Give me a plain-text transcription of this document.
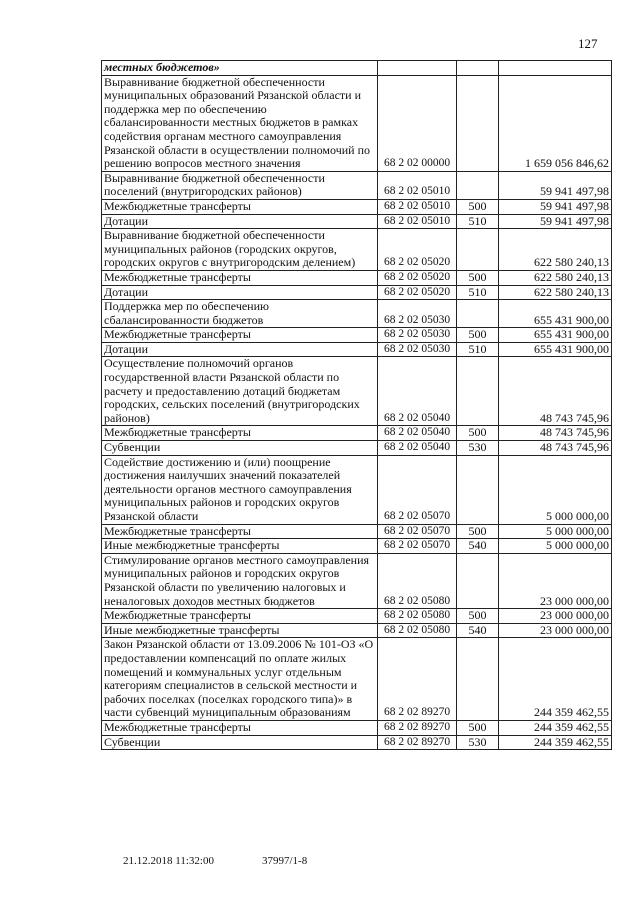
127
местных бюджетов»			
Выравнивание бюджетной обеспеченности муниципальных образований Рязанской области и поддержка мер по обеспечению сбалансированности местных бюджетов в рамках содействия органам местного самоуправления Рязанской области в осуществлении полномочий по решению вопросов местного значения	68 2 02 00000		1 659 056 846,62
Выравнивание бюджетной обеспеченности поселений (внутригородских районов)	68 2 02 05010		59 941 497,98
Межбюджетные трансферты	68 2 02 05010	500	59 941 497,98
Дотации	68 2 02 05010	510	59 941 497,98
Выравнивание бюджетной обеспеченности муниципальных районов (городских округов, городских округов с внутригородским делением)	68 2 02 05020		622 580 240,13
Межбюджетные трансферты	68 2 02 05020	500	622 580 240,13
Дотации	68 2 02 05020	510	622 580 240,13
Поддержка мер по обеспечению сбалансированности бюджетов	68 2 02 05030		655 431 900,00
Межбюджетные трансферты	68 2 02 05030	500	655 431 900,00
Дотации	68 2 02 05030	510	655 431 900,00
Осуществление полномочий органов государственной власти Рязанской области по расчету и предоставлению дотаций бюджетам городских, сельских поселений (внутригородских районов)	68 2 02 05040		48 743 745,96
Межбюджетные трансферты	68 2 02 05040	500	48 743 745,96
Субвенции	68 2 02 05040	530	48 743 745,96
Содействие достижению и (или) поощрение достижения наилучших значений показателей деятельности органов местного самоуправления муниципальных районов и городских округов Рязанской области	68 2 02 05070		5 000 000,00
Межбюджетные трансферты	68 2 02 05070	500	5 000 000,00
Иные межбюджетные трансферты	68 2 02 05070	540	5 000 000,00
Стимулирование органов местного самоуправления муниципальных районов и городских округов Рязанской области по увеличению налоговых и неналоговых доходов местных бюджетов	68 2 02 05080		23 000 000,00
Межбюджетные трансферты	68 2 02 05080	500	23 000 000,00
Иные межбюджетные трансферты	68 2 02 05080	540	23 000 000,00
Закон Рязанской области от 13.09.2006 № 101-ОЗ «О предоставлении компенсаций по оплате жилых помещений и коммунальных услуг отдельным категориям специалистов в сельской местности и рабочих поселках (поселках городского типа)» в части субвенций муниципальным образованиям	68 2 02 89270		244 359 462,55
Межбюджетные трансферты	68 2 02 89270	500	244 359 462,55
Субвенции	68 2 02 89270	530	244 359 462,55
21.12.2018 11:32:00	37997/1-8
